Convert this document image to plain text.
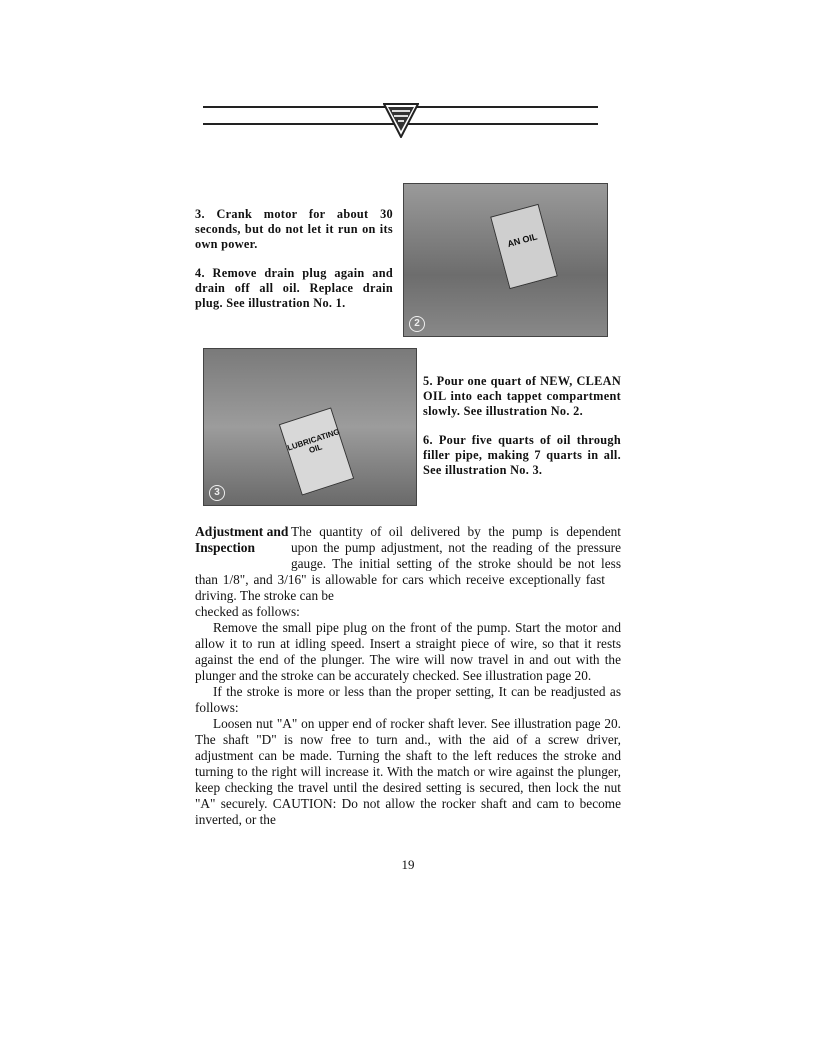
3. Crank motor for about 30 seconds, but do not let it run on its own power.

4. Remove drain plug again and drain off all oil. Replace drain plug. See illustration No. 1.

AN OIL
2
LUBRICATING OIL
3

5. Pour one quart of NEW, CLEAN OIL into each tappet compartment slowly. See illustration No. 2.

6. Pour five quarts of oil through filler pipe, making 7 quarts in all. See illustration No. 3.

Adjustment and
Inspection
The quantity of oil delivered by the pump is dependent
upon the pump adjustment, not the reading of the pressure
gauge. The initial setting of the stroke should be not less

than 1/8", and 3/16" is allowable for cars which receive exceptionally fast driving. The stroke can be

checked as follows:

Remove the small pipe plug on the front of the pump. Start the motor and allow it to run at idling speed. Insert a straight piece of wire, so that it rests against the end of the plunger. The wire will now travel in and out with the plunger and the stroke can be accurately checked. See illustration page 20.

If the stroke is more or less than the proper setting, It can be readjusted as follows:

Loosen nut "A" on upper end of rocker shaft lever. See illustration page 20. The shaft "D" is now free to turn and., with the aid of a screw driver, adjustment can be made. Turning the shaft to the left reduces the stroke and turning to the right will increase it. With the match or wire against the plunger, keep checking the travel until the desired setting is secured, then lock the nut "A" securely. CAUTION: Do not allow the rocker shaft and cam to become inverted, or the

19
